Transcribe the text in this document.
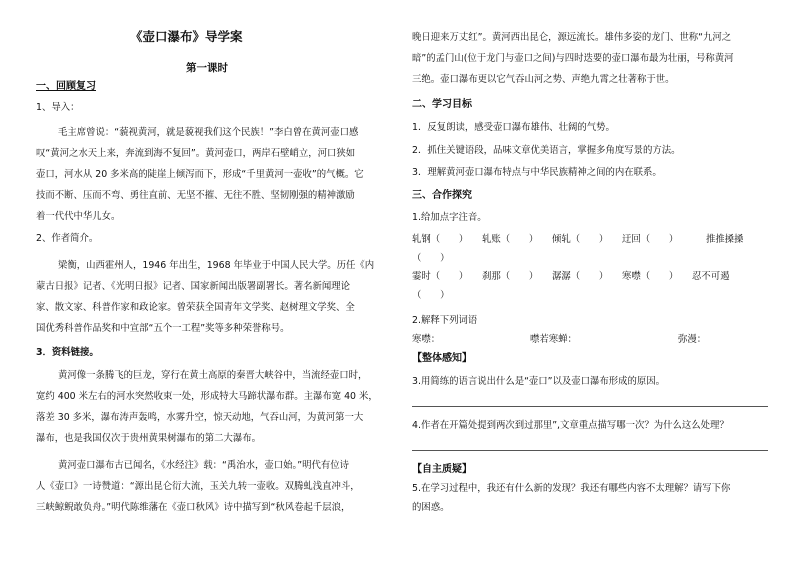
《壶口瀑布》导学案
第一课时
一、回顾复习
1、导入：
毛主席曾说：“藐视黄河，就是藐视我们这个民族！”李白曾在黄河壶口感
叹“黄河之水天上来，奔流到海不复回”。黄河壶口，两岸石壁峭立，河口狭如
壶口，河水从 20 多米高的陡崖上倾泻而下，形成“千里黄河一壶收”的气概。它
技而不断、压而不弯、勇往直前、无坚不摧、无往不胜、坚韧刚强的精神激励
着一代代中华儿女。
2、作者简介。
梁衡，山西霍州人，1946 年出生，1968 年毕业于中国人民大学。历任《内
蒙古日报》记者、《光明日报》记者、国家新闻出版署副署长。著名新闻理论
家、散文家、科普作家和政论家。曾荣获全国青年文学奖、赵树理文学奖、全
国优秀科普作品奖和中宣部“五个一工程”奖等多种荣誉称号。
3．资料链接。
黄河像一条腾飞的巨龙，穿行在黄土高原的秦晋大峡谷中，当流经壶口时，
宽约 400 米左右的河水突然收束一处，形成特大马蹄状瀑布群。主瀑布宽 40 米，
落差 30 多米，瀑布涛声轰鸣，水雾升空，惊天动地，气吞山河，为黄河第一大
瀑布，也是我国仅次于贵州黄果树瀑布的第二大瀑布。
黄河壶口瀑布古已闻名，《水经注》载：“禹治水，壶口始。”明代有位诗
人《壶口》一诗赞道：“源出昆仑衍大流，玉关九转一壶收。双腾虬浅直冲斗，
三峡鲸鲵敢负舟。”明代陈维藩在《壶口秋风》诗中描写到“秋风卷起千层浪，
晚日迎来万丈红”。黄河西出昆仑，源远流长。雄伟多姿的龙门、世称“九河之
暗”的孟门山(位于龙门与壶口之间)与四时迭要的壶口瀑布最为壮丽，号称黄河
三绝。壶口瀑布更以它气吞山河之势、声绝九霄之壮著称于世。
二、学习目标
1．反复朗读，感受壶口瀑布雄伟、壮阔的气势。
2．抓住关键语段，品味文章优美语言，掌握多角度写景的方法。
3．理解黄河壶口瀑布特点与中华民族精神之间的内在联系。
三、合作探究
1.给加点字注音。
轧钢（　　） 轧账（　　） 倾轧（　　） 迂回（　　）	推推搡搡
（　　）
霎时（　　） 刹那（　　） 潺潺（　　） 寒噤（　　） 忍不可遏
（　　）
2.解释下列词语
寒噤：	噤若寒蝉：	弥漫：
【整体感知】
3.用简练的语言说出什么是“壶口”以及壶口瀑布形成的原因。
4.作者在开篇处提到两次到过那里”,文章重点描写哪一次？为什么这么处理？
【自主质疑】
5.在学习过程中，我还有什么新的发现？我还有哪些内容不太理解？请写下你
的困惑。
